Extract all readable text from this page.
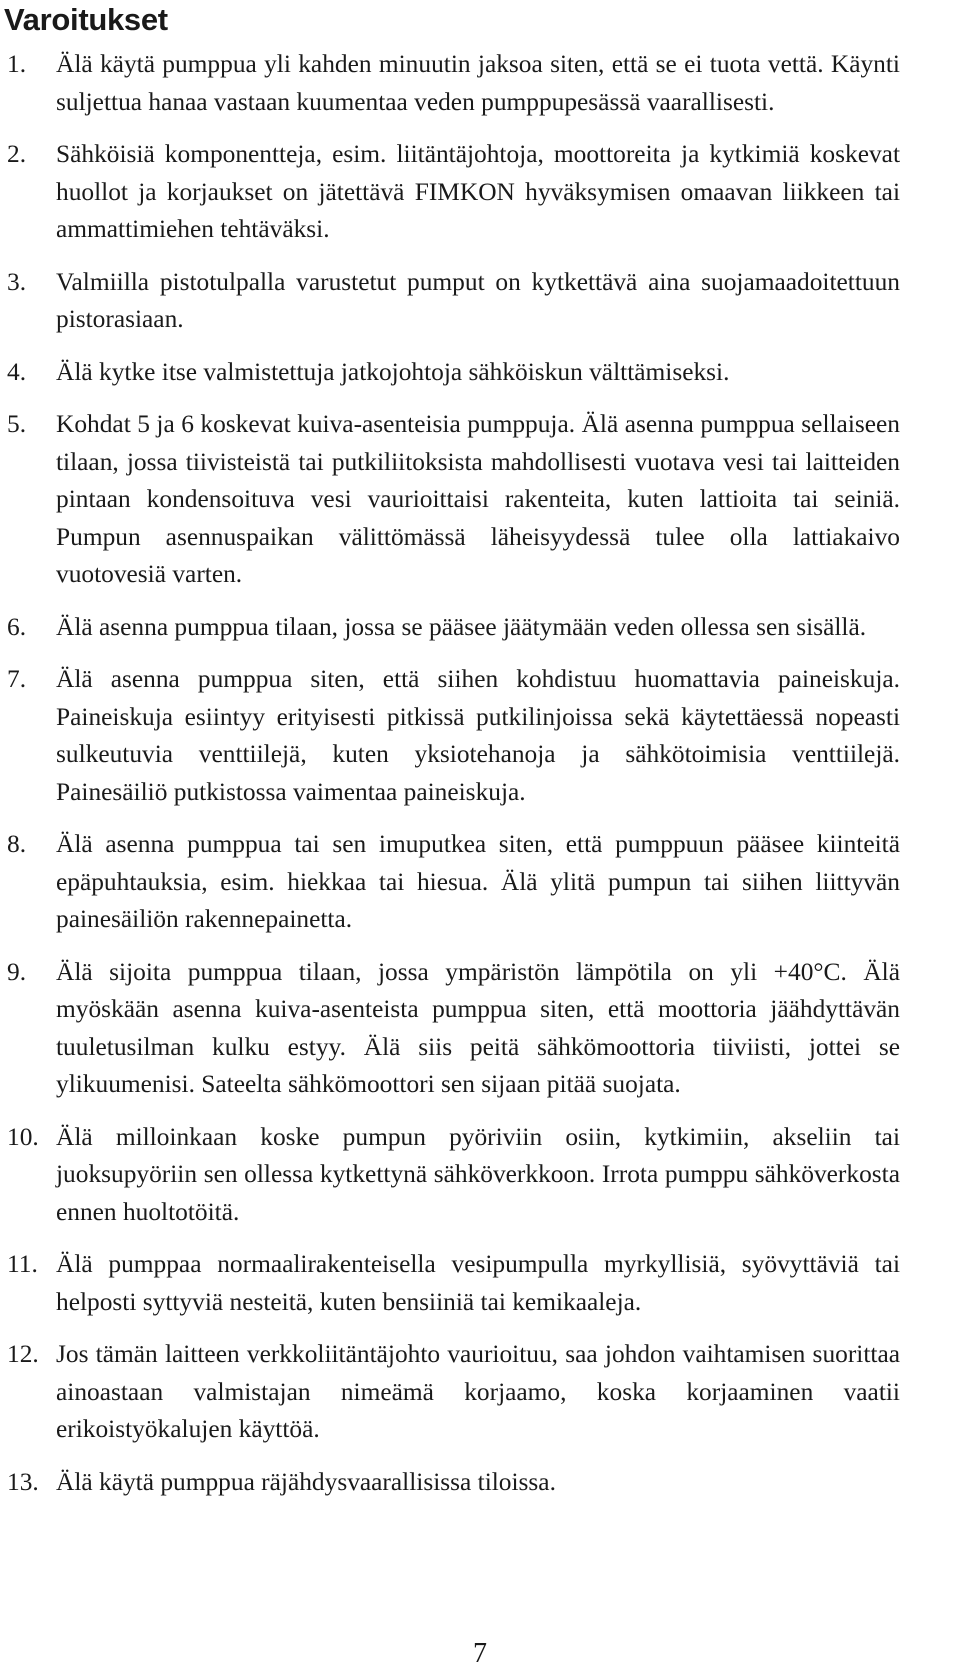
Varoitukset
1. Älä käytä pumppua yli kahden minuutin jaksoa siten, että se ei tuota vettä. Käynti suljettua hanaa vastaan kuumentaa veden pumppupesässä vaarallisesti.
2. Sähköisiä komponentteja, esim. liitäntäjohtoja, moottoreita ja kytkimiä koskevat huollot ja korjaukset on jätettävä FIMKON hyväksymisen omaavan liikkeen tai ammattimiehen tehtäväksi.
3. Valmiilla pistotulpalla varustetut pumput on kytkettävä aina suojamaadoitettuun pistorasiaan.
4. Älä kytke itse valmistettuja jatkojohtoja sähköiskun välttämiseksi.
5. Kohdat 5 ja 6 koskevat kuiva-asenteisia pumppuja. Älä asenna pumppua sellaiseen tilaan, jossa tiivisteistä tai putkiliitoksista mahdollisesti vuotava vesi tai laitteiden pintaan kondensoituva vesi vaurioittaisi rakenteita, kuten lattioita tai seiniä. Pumpun asennuspaikan välittömässä läheisyydessä tulee olla lattiakaivo vuotovesiä varten.
6. Älä asenna pumppua tilaan, jossa se pääsee jäätymään veden ollessa sen sisällä.
7. Älä asenna pumppua siten, että siihen kohdistuu huomattavia paineiskuja. Paineiskuja esiintyy erityisesti pitkissä putkilinjoissa sekä käytettäessä nopeasti sulkeutuvia venttiilejä, kuten yksiotehanoja ja sähkötoimisia venttiilejä. Painesäiliö putkistossa vaimentaa paineiskuja.
8. Älä asenna pumppua tai sen imuputkea siten, että pumppuun pääsee kiinteitä epäpuhtauksia, esim. hiekkaa tai hiesua. Älä ylitä pumpun tai siihen liittyvän painesäiliön rakennepainetta.
9. Älä sijoita pumppua tilaan, jossa ympäristön lämpötila on yli +40°C. Älä myöskään asenna kuiva-asenteista pumppua siten, että moottoria jäähdyttävän tuuletusilman kulku estyy. Älä siis peitä sähkömoottoria tiiviisti, jottei se ylikuumenisi. Sateelta sähkömoottori sen sijaan pitää suojata.
10. Älä milloinkaan koske pumpun pyöriviin osiin, kytkimiin, akseliin tai juoksupyöriin sen ollessa kytkettynä sähköverkkoon. Irrota pumppu sähköverkosta ennen huoltotöitä.
11. Älä pumppaa normaalirakenteisella vesipumpulla myrkyllisiä, syövyttäviä tai helposti syttyviä nesteitä, kuten bensiiniä tai kemikaaleja.
12. Jos tämän laitteen verkkoliitäntäjohto vaurioituu, saa johdon vaihtamisen suorittaa ainoastaan valmistajan nimeämä korjaamo, koska korjaaminen vaatii erikoistyökalujen käyttöä.
13. Älä käytä pumppua räjähdysvaarallisissa tiloissa.
7
